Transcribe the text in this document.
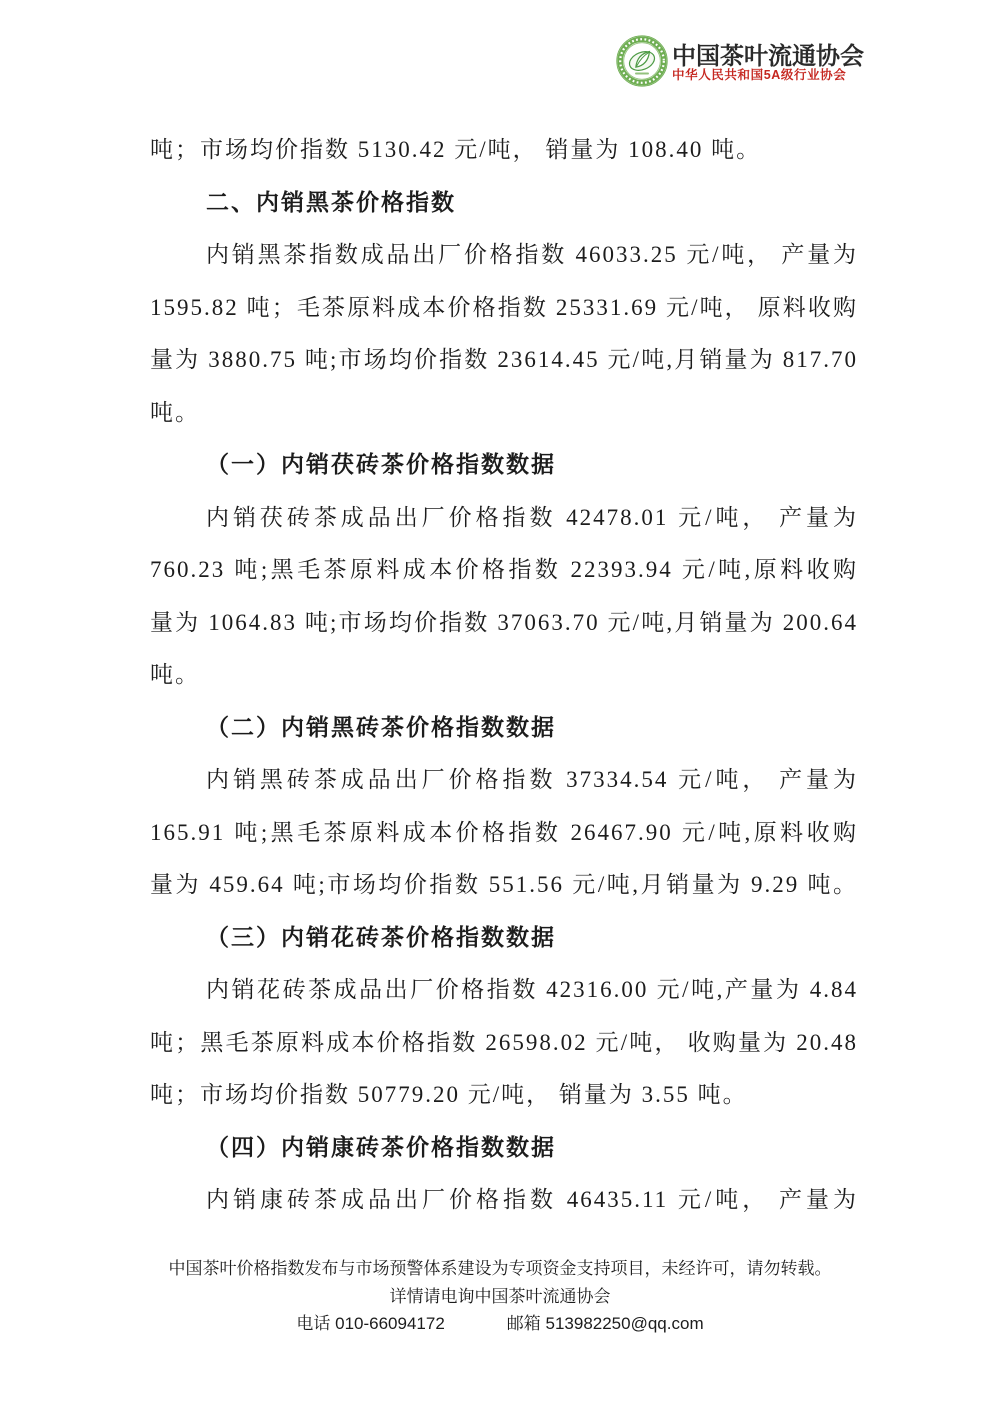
中国茶叶流通协会
中华人民共和国5A级行业协会
吨；市场均价指数 5130.42 元/吨， 销量为 108.40 吨。
二、内销黑茶价格指数
内销黑茶指数成品出厂价格指数 46033.25 元/吨， 产量为
1595.82 吨；毛茶原料成本价格指数 25331.69 元/吨， 原料收购
量为 3880.75 吨;市场均价指数 23614.45 元/吨,月销量为 817.70
吨。
（一）内销茯砖茶价格指数数据
内销茯砖茶成品出厂价格指数 42478.01 元/吨， 产量为
760.23 吨;黑毛茶原料成本价格指数 22393.94 元/吨,原料收购
量为 1064.83 吨;市场均价指数 37063.70 元/吨,月销量为 200.64
吨。
（二）内销黑砖茶价格指数数据
内销黑砖茶成品出厂价格指数 37334.54 元/吨， 产量为
165.91 吨;黑毛茶原料成本价格指数 26467.90 元/吨,原料收购
量为 459.64 吨;市场均价指数 551.56 元/吨,月销量为 9.29 吨。
（三）内销花砖茶价格指数数据
内销花砖茶成品出厂价格指数 42316.00 元/吨,产量为 4.84
吨；黑毛茶原料成本价格指数 26598.02 元/吨， 收购量为 20.48
吨；市场均价指数 50779.20 元/吨， 销量为 3.55 吨。
（四）内销康砖茶价格指数数据
内销康砖茶成品出厂价格指数 46435.11 元/吨， 产量为
中国茶叶价格指数发布与市场预警体系建设为专项资金支持项目，未经许可，请勿转载。
详情请电询中国茶叶流通协会
电话 010-66094172	邮箱 513982250@qq.com
